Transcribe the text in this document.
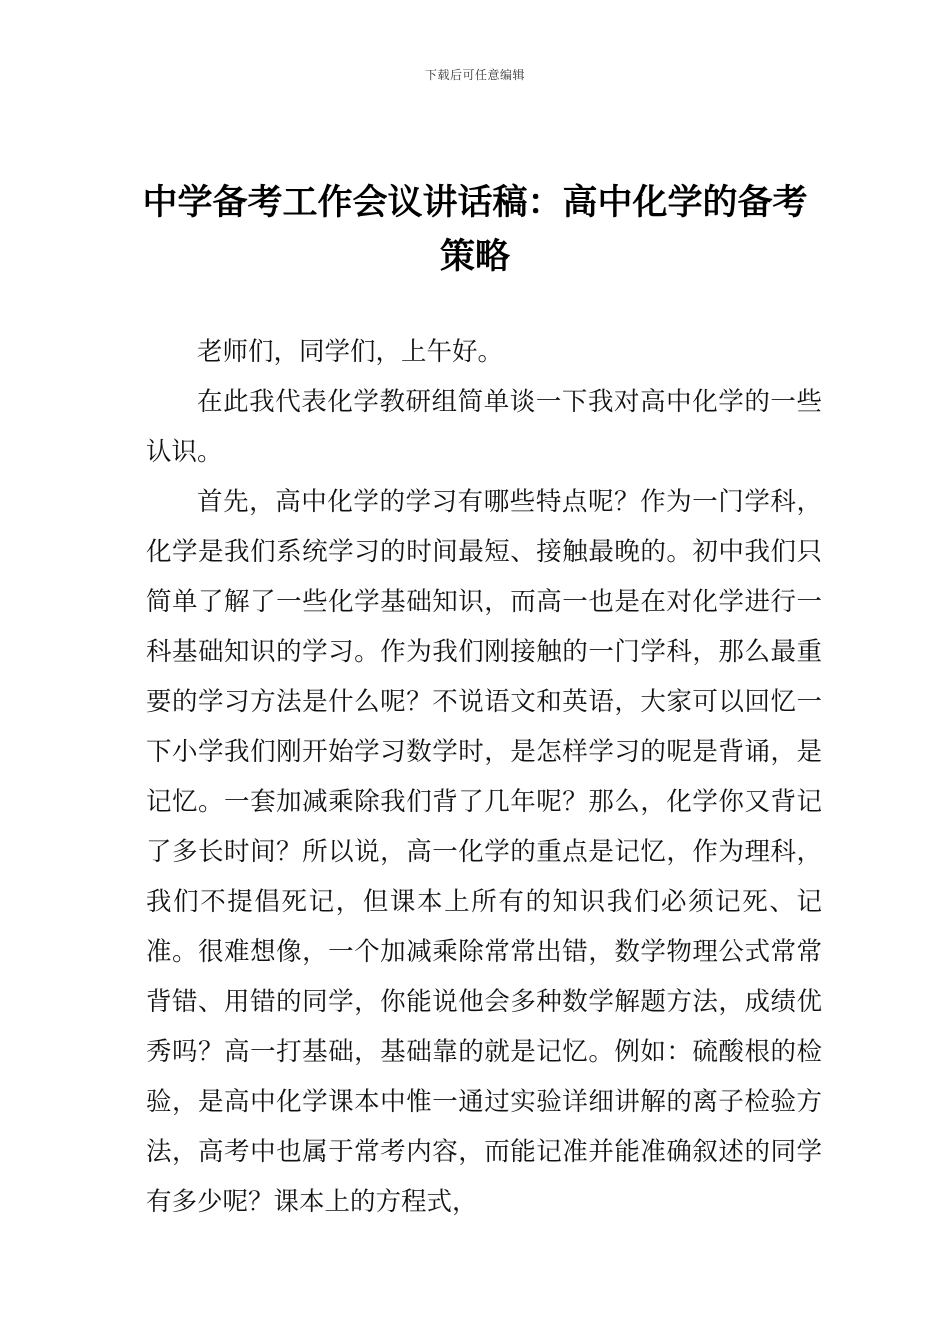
下载后可任意编辑
中学备考工作会议讲话稿：高中化学的备考策略

老师们，同学们，上午好。

在此我代表化学教研组简单谈一下我对高中化学的一些认识。

首先，高中化学的学习有哪些特点呢？作为一门学科，化学是我们系统学习的时间最短、接触最晚的。初中我们只简单了解了一些化学基础知识，而高一也是在对化学进行一科基础知识的学习。作为我们刚接触的一门学科，那么最重要的学习方法是什么呢？不说语文和英语，大家可以回忆一下小学我们刚开始学习数学时，是怎样学习的呢是背诵，是记忆。一套加减乘除我们背了几年呢？那么，化学你又背记了多长时间？所以说，高一化学的重点是记忆，作为理科，我们不提倡死记，但课本上所有的知识我们必须记死、记准。很难想像，一个加减乘除常常出错，数学物理公式常常背错、用错的同学，你能说他会多种数学解题方法，成绩优秀吗？高一打基础，基础靠的就是记忆。例如：硫酸根的检验，是高中化学课本中惟一通过实验详细讲解的离子检验方法，高考中也属于常考内容，而能记准并能准确叙述的同学有多少呢？课本上的方程式，
